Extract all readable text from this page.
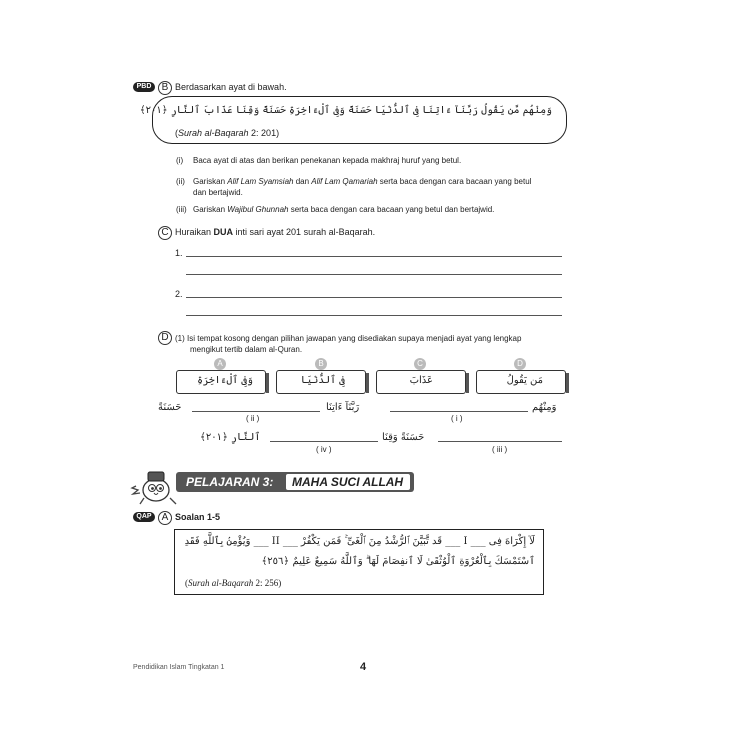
PBD	B Berdasarkan ayat di bawah.
وَمِنْهُم مَّن يَقُولُ رَبَّنَآ ءَاتِنَا فِى ٱلدُّنْيَا حَسَنَةً وَفِى ٱلْءَاخِرَةِ حَسَنَةً وَقِنَا عَذَابَ ٱلنَّارِ ﴿٢٠١﴾
(Surah al-Baqarah 2: 201)
(i) Baca ayat di atas dan berikan penekanan kepada makhraj huruf yang betul.
(ii) Gariskan Alif Lam Syamsiah dan Alif Lam Qamariah serta baca dengan cara bacaan yang betul
dan bertajwid.
(iii) Gariskan Wajibul Ghunnah serta baca dengan cara bacaan yang betul dan bertajwid.
C Huraikan DUA inti sari ayat 201 surah al-Baqarah.
1.
2.
D (1) Isi tempat kosong dengan pilihan jawapan yang disediakan supaya menjadi ayat yang lengkap
mengikut tertib dalam al-Quran.
A
وَفِى ٱلْءَاخِرَةِ
B
فِى ٱلدُّنْيَا
C
عَذَابَ
D
مَن يَقُولُ
حَسَنَةً
( ii )
رَبَّنَآ ءَاتِنَا
( i )
وَمِنْهُم
ٱلنَّارِ ﴿٢٠١﴾
( iv )
حَسَنَةً وَقِنَا
( iii )
PELAJARAN 3: MAHA SUCI ALLAH
QAP	A Soalan 1-5
لَآ إِكْرَاهَ فِى ___ I ___ قَد تَّبَيَّنَ ٱلرُّشْدُ مِنَ ٱلْغَىِّ ۚ فَمَن يَكْفُرْ ___ II ___ وَيُؤْمِنۢ بِٱللَّهِ فَقَدِ
ٱسْتَمْسَكَ بِٱلْعُرْوَةِ ٱلْوُثْقَىٰ لَا ٱنفِصَامَ لَهَا ۗ وَٱللَّهُ سَمِيعٌ عَلِيمٌ ﴿٢٥٦﴾
(Surah al-Baqarah 2: 256)
Pendidikan Islam Tingkatan 1	4
